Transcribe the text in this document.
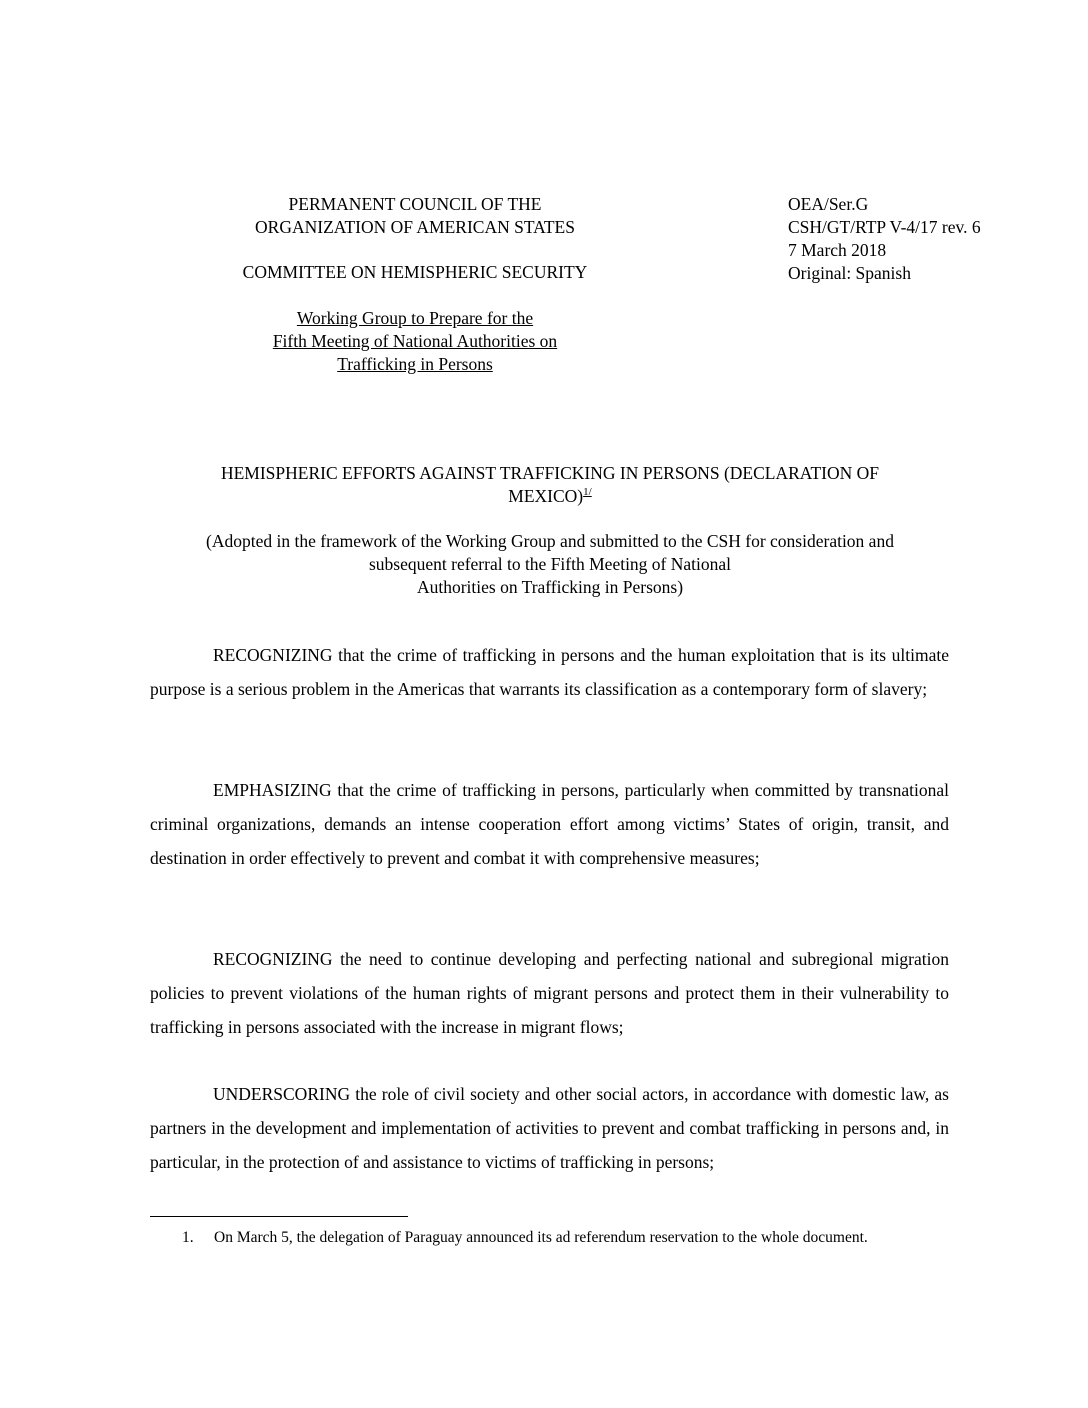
PERMANENT COUNCIL OF THE
ORGANIZATION OF AMERICAN STATES
COMMITTEE ON HEMISPHERIC SECURITY
Working Group to Prepare for the
Fifth Meeting of National Authorities on
Trafficking in Persons
OEA/Ser.G
CSH/GT/RTP V-4/17 rev. 6
7 March 2018
Original: Spanish
HEMISPHERIC EFFORTS AGAINST TRAFFICKING IN PERSONS (DECLARATION OF
MEXICO)$^{1/}$
(Adopted in the framework of the Working Group and submitted to the CSH for consideration and
subsequent referral to the Fifth Meeting of National
Authorities on Trafficking in Persons)

RECOGNIZING that the crime of trafficking in persons and the human exploitation that is its ultimate purpose is a serious problem in the Americas that warrants its classification as a contemporary form of slavery;

EMPHASIZING that the crime of trafficking in persons, particularly when committed by transnational criminal organizations, demands an intense cooperation effort among victims’ States of origin, transit, and destination in order effectively to prevent and combat it with comprehensive measures;

RECOGNIZING the need to continue developing and perfecting national and subregional migration policies to prevent violations of the human rights of migrant persons and protect them in their vulnerability to trafficking in persons associated with the increase in migrant flows;

UNDERSCORING the role of civil society and other social actors, in accordance with domestic law, as partners in the development and implementation of activities to prevent and combat trafficking in persons and, in particular, in the protection of and assistance to victims of trafficking in persons;

1. On March 5, the delegation of Paraguay announced its ad referendum reservation to the whole document.
